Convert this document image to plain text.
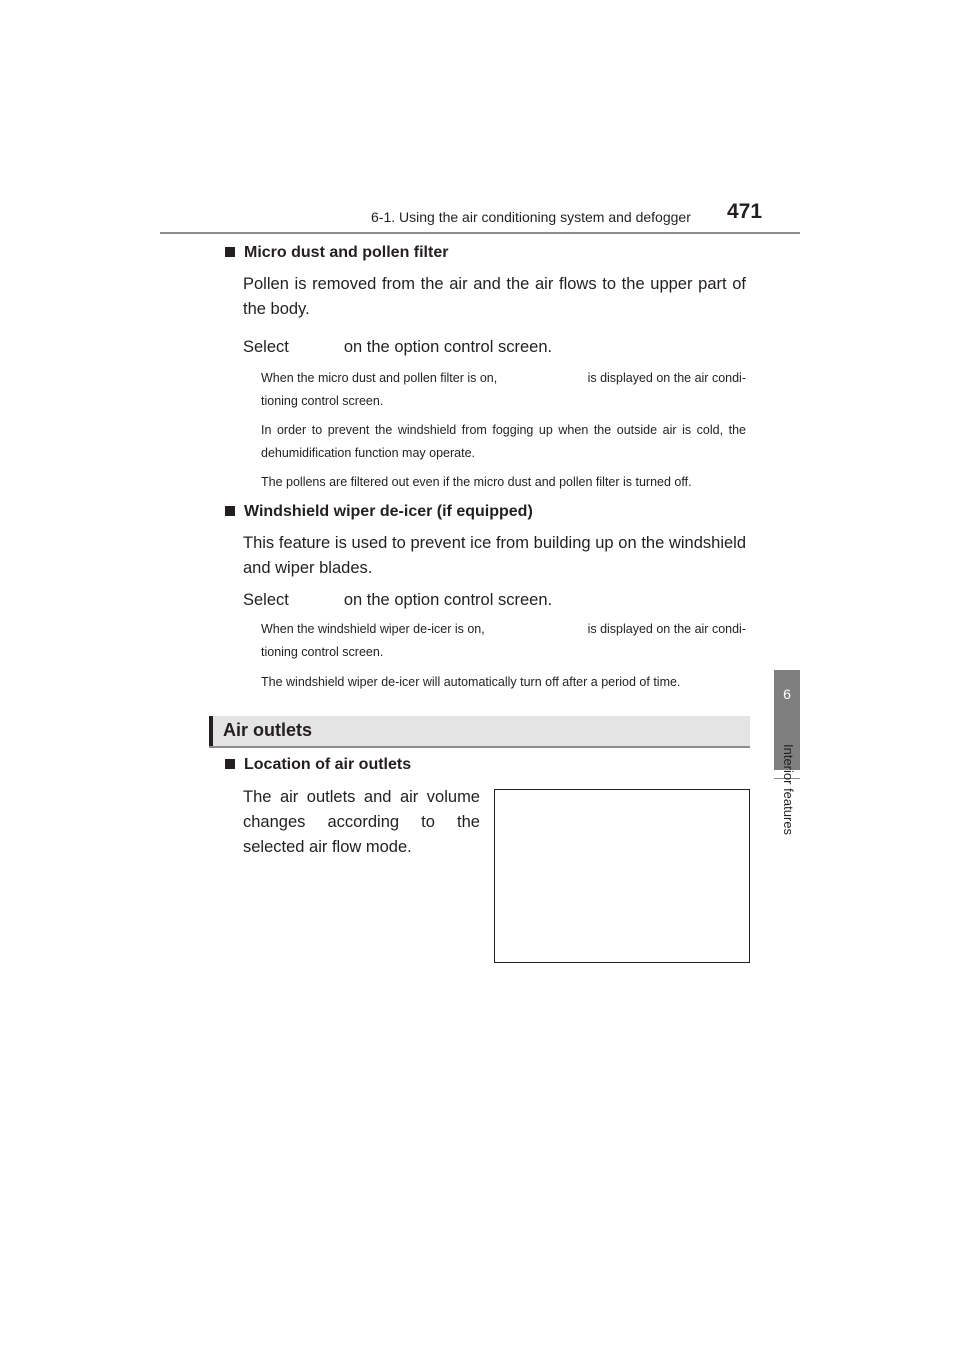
6-1. Using the air conditioning system and defogger 471
6
Interior features
Micro dust and pollen filter
Pollen is removed from the air and the air flows to the upper part of the body.
Select	on the option control screen.
When the micro dust and pollen filter is on,	is displayed on the air condi-
tioning control screen.
In order to prevent the windshield from fogging up when the outside air is cold, the dehumidification function may operate.
The pollens are filtered out even if the micro dust and pollen filter is turned off.
Windshield wiper de-icer (if equipped)
This feature is used to prevent ice from building up on the windshield and wiper blades.
Select	on the option control screen.
When the windshield wiper de-icer is on,	is displayed on the air condi-
tioning control screen.
The windshield wiper de-icer will automatically turn off after a period of time.
Air outlets
Location of air outlets
The air outlets and air volume changes according to the selected air flow mode.
